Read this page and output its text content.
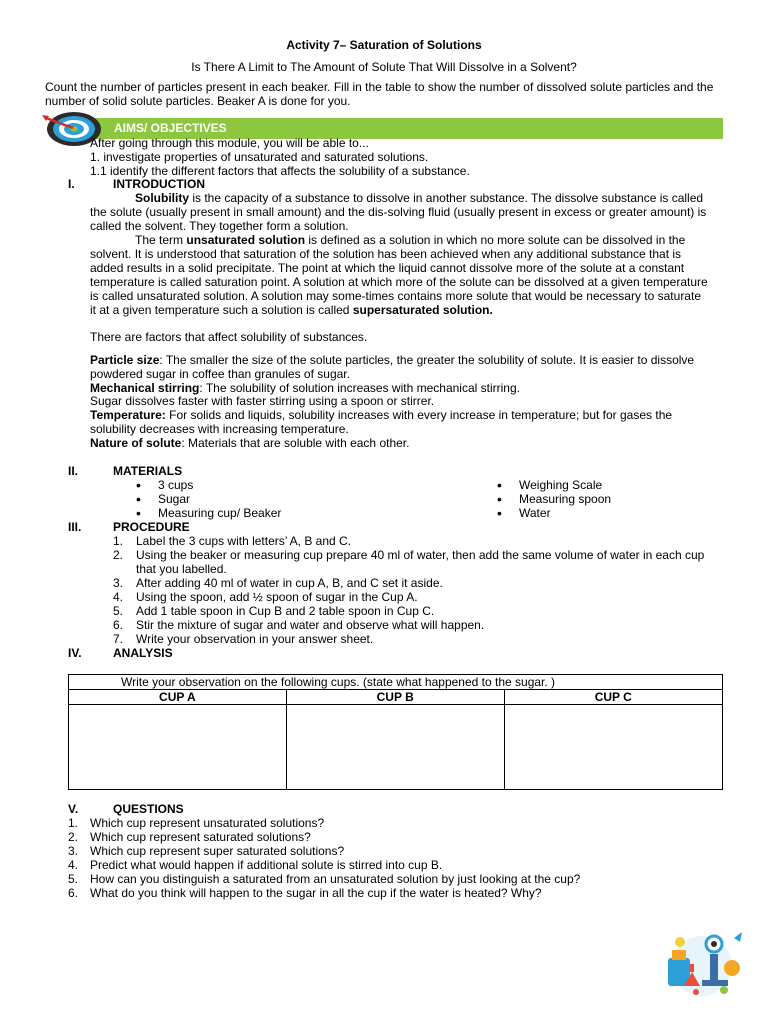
Activity 7– Saturation of Solutions
Is There A Limit to The Amount of Solute That Will Dissolve in a Solvent?
Count the number of particles present in each beaker. Fill in the table to show the number of dissolved solute particles and the number of solid solute particles. Beaker A is done for you.
AIMS/ OBJECTIVES
After going through this module, you will be able to...
1. investigate properties of unsaturated and saturated solutions.
1.1 identify the different factors that affects the solubility of a substance.
I.	INTRODUCTION
Solubility is the capacity of a substance to dissolve in another substance. The dissolve substance is called the solute (usually present in small amount) and the dis-solving fluid (usually present in excess or greater amount) is called the solvent. They together form a solution.
The term unsaturated solution is defined as a solution in which no more solute can be dissolved in the solvent. It is understood that saturation of the solution has been achieved when any additional substance that is added results in a solid precipitate. The point at which the liquid cannot dissolve more of the solute at a constant temperature is called saturation point. A solution at which more of the solute can be dissolved at a given temperature is called unsaturated solution. A solution may some-times contains more solute that would be necessary to saturate it at a given temperature such a solution is called supersaturated solution.
There are factors that affect solubility of substances.
Particle size: The smaller the size of the solute particles, the greater the solubility of solute. It is easier to dissolve powdered sugar in coffee than granules of sugar.
Mechanical stirring: The solubility of solution increases with mechanical stirring.
Sugar dissolves faster with faster stirring using a spoon or stirrer.
Temperature: For solids and liquids, solubility increases with every increase in temperature; but for gases the solubility decreases with increasing temperature.
Nature of solute: Materials that are soluble with each other.
II.	MATERIALS
• 3 cups
• Sugar
• Measuring cup/ Beaker
• Weighing Scale
• Measuring spoon
• Water
III.	PROCEDURE
1. Label the 3 cups with letters’ A, B and C.
2. Using the beaker or measuring cup prepare 40 ml of water, then add the same volume of water in each cup that you labelled.
3. After adding 40 ml of water in cup A, B, and C set it aside.
4. Using the spoon, add ½ spoon of sugar in the Cup A.
5. Add 1 table spoon in Cup B and 2 table spoon in Cup C.
6. Stir the mixture of sugar and water and observe what will happen.
7. Write your observation in your answer sheet.
IV.	ANALYSIS
Write your observation on the following cups. (state what happened to the sugar. )		
CUP A	CUP B	CUP C

V.	QUESTIONS
1. Which cup represent unsaturated solutions?
2. Which cup represent saturated solutions?
3. Which cup represent super saturated solutions?
4. Predict what would happen if additional solute is stirred into cup B.
5. How can you distinguish a saturated from an unsaturated solution by just looking at the cup?
6. What do you think will happen to the sugar in all the cup if the water is heated? Why?
